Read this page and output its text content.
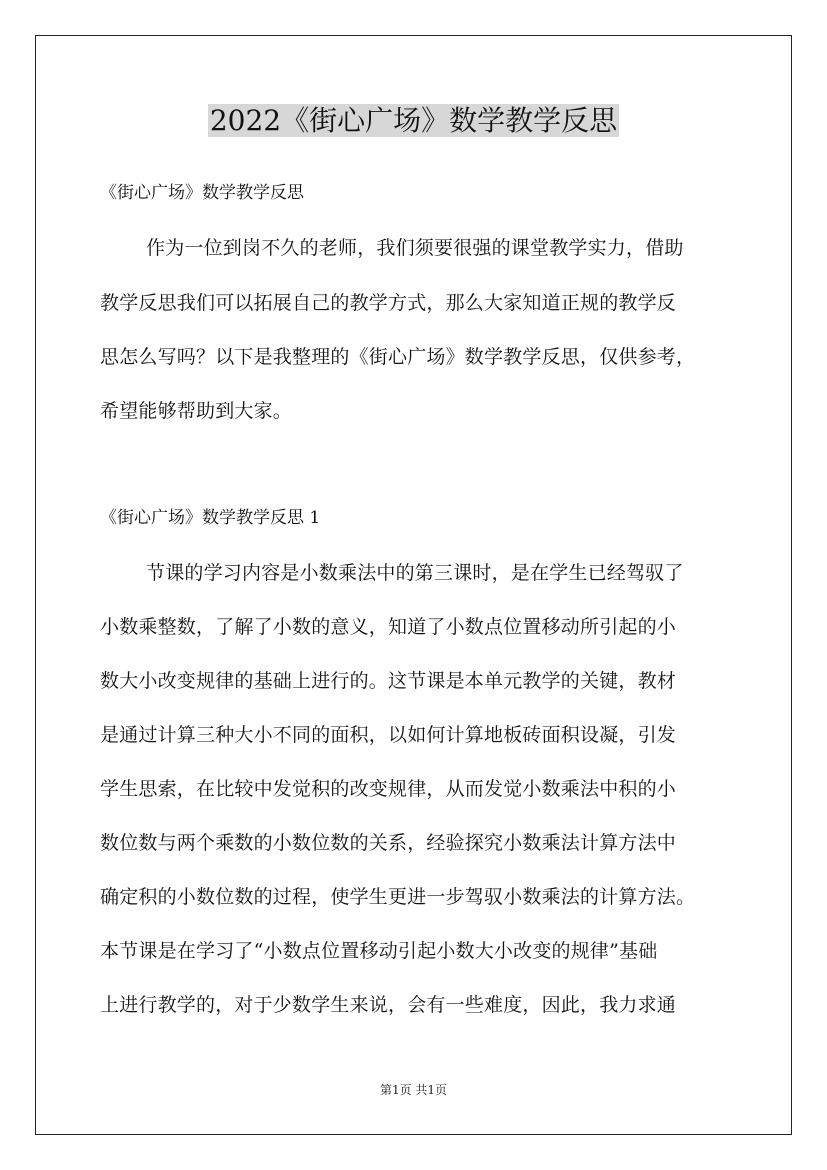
2022《街心广场》数学教学反思

《街心广场》数学教学反思

作为一位到岗不久的老师，我们须要很强的课堂教学实力，借助

教学反思我们可以拓展自己的教学方式，那么大家知道正规的教学反

思怎么写吗？以下是我整理的《街心广场》数学教学反思，仅供参考，

希望能够帮助到大家。

《街心广场》数学教学反思 1

节课的学习内容是小数乘法中的第三课时，是在学生已经驾驭了

小数乘整数，了解了小数的意义，知道了小数点位置移动所引起的小

数大小改变规律的基础上进行的。这节课是本单元教学的关键，教材

是通过计算三种大小不同的面积，以如何计算地板砖面积设凝，引发

学生思索，在比较中发觉积的改变规律，从而发觉小数乘法中积的小

数位数与两个乘数的小数位数的关系，经验探究小数乘法计算方法中

确定积的小数位数的过程，使学生更进一步驾驭小数乘法的计算方法。

本节课是在学习了“小数点位置移动引起小数大小改变的规律”基础

上进行教学的，对于少数学生来说，会有一些难度，因此，我力求通

第1页 共1页
